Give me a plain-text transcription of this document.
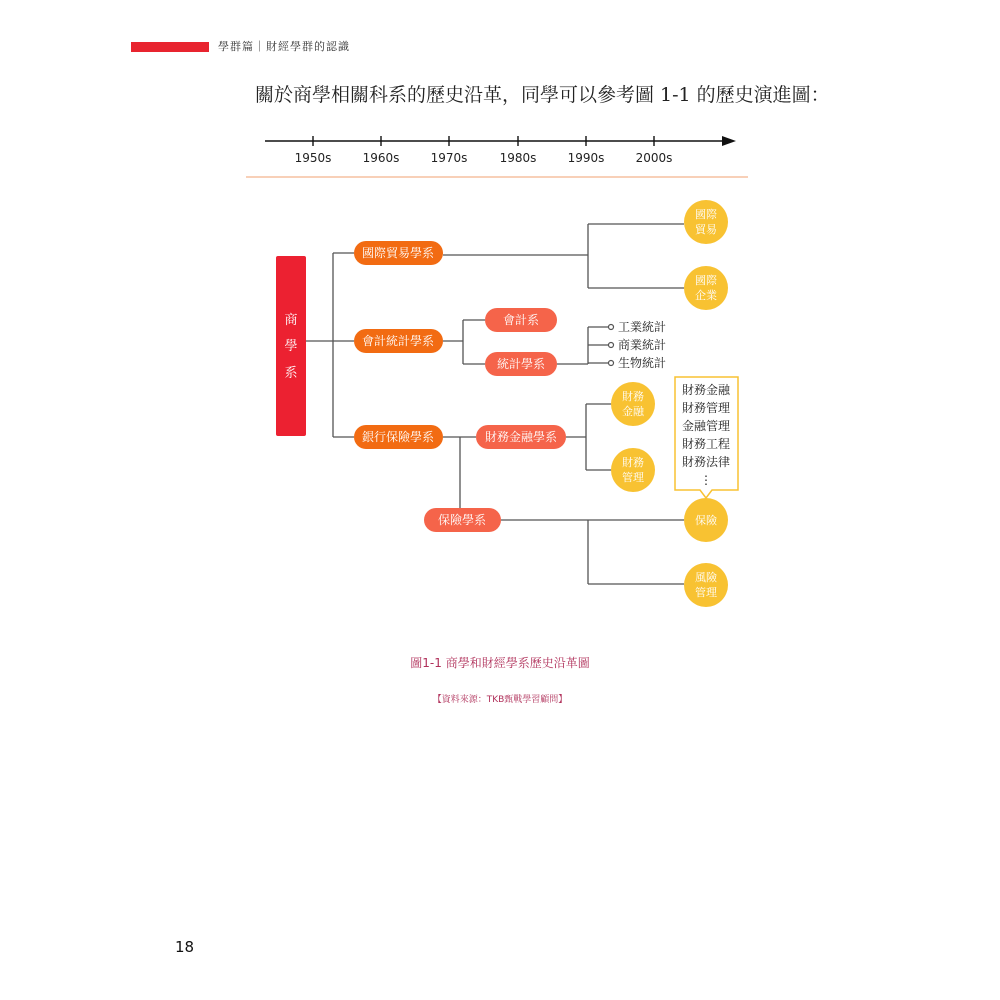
學群篇｜財經學群的認識
關於商學相關科系的歷史沿革，同學可以參考圖 1-1 的歷史演進圖：
1950s	1960s	1970s	1980s	1990s	2000s
商
學
系
國際貿易學系
會計統計學系
銀行保險學系
會計系
統計學系
財務金融學系
保險學系
國際
貿易
國際
企業
財務
金融
財務
管理
保險
風險
管理
工業統計
商業統計
生物統計
財務金融
財務管理
金融管理
財務工程
財務法律
⋮
圖1-1 商學和財經學系歷史沿革圖
【資料來源：TKB甄戰學習顧問】
18
